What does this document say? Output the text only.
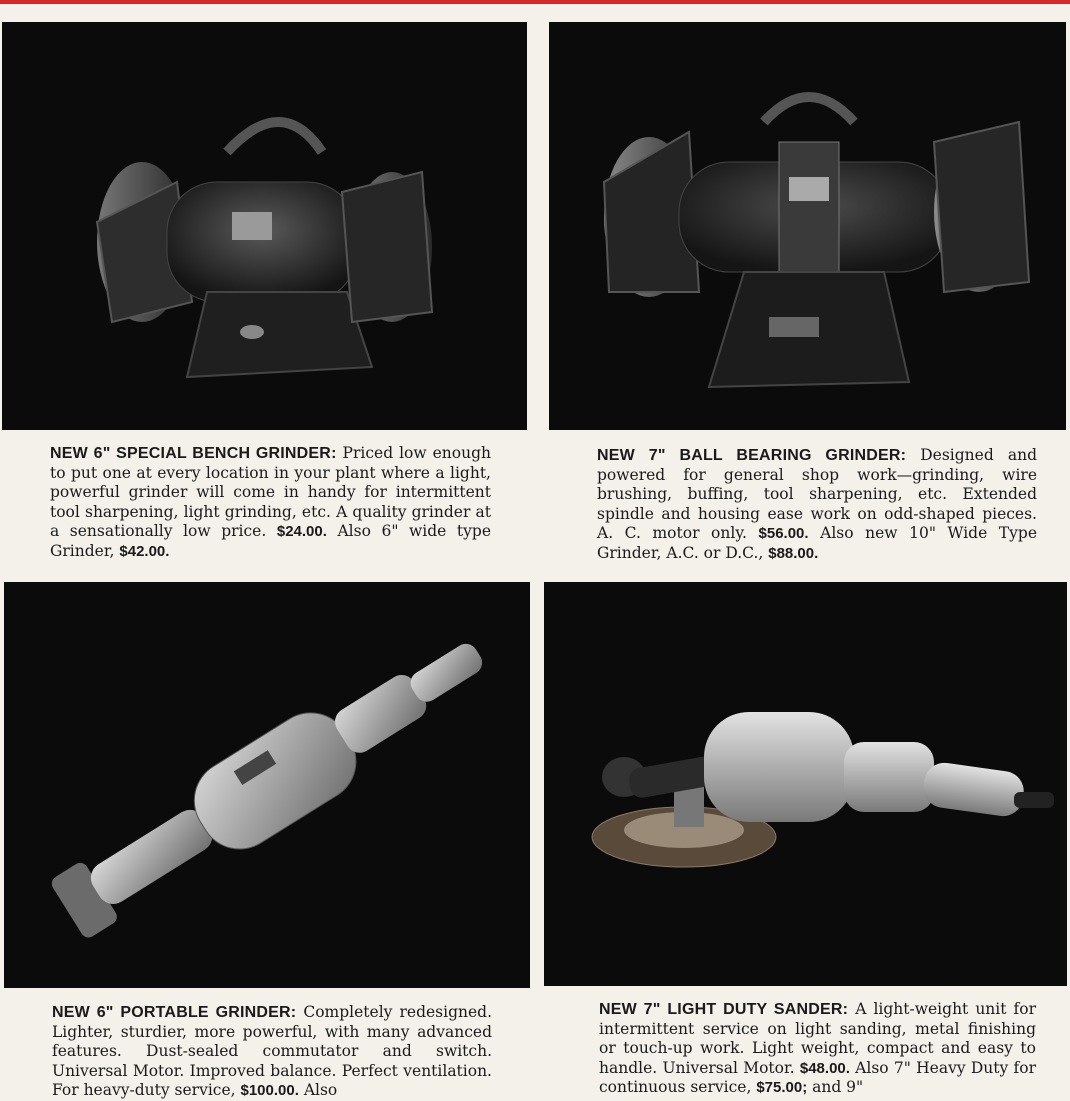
NEW 6" SPECIAL BENCH GRINDER: Priced low enough to put one at every location in your plant where a light, powerful grinder will come in handy for intermittent tool sharpening, light grinding, etc. A quality grinder at a sensationally low price. $24.00. Also 6" wide type Grinder, $42.00.
NEW 7" BALL BEARING GRINDER: Designed and powered for general shop work—grinding, wire brushing, buffing, tool sharpening, etc. Extended spindle and housing ease work on odd-shaped pieces. A. C. motor only. $56.00. Also new 10" Wide Type Grinder, A.C. or D.C., $88.00.
NEW 6" PORTABLE GRINDER: Completely redesigned. Lighter, sturdier, more powerful, with many advanced features. Dust-sealed commutator and switch. Universal Motor. Improved balance. Perfect ventilation. For heavy-duty service, $100.00. Also
NEW 7" LIGHT DUTY SANDER: A light-weight unit for intermittent service on light sanding, metal finishing or touch-up work. Light weight, compact and easy to handle. Universal Motor. $48.00. Also 7" Heavy Duty for continuous service, $75.00; and 9"
